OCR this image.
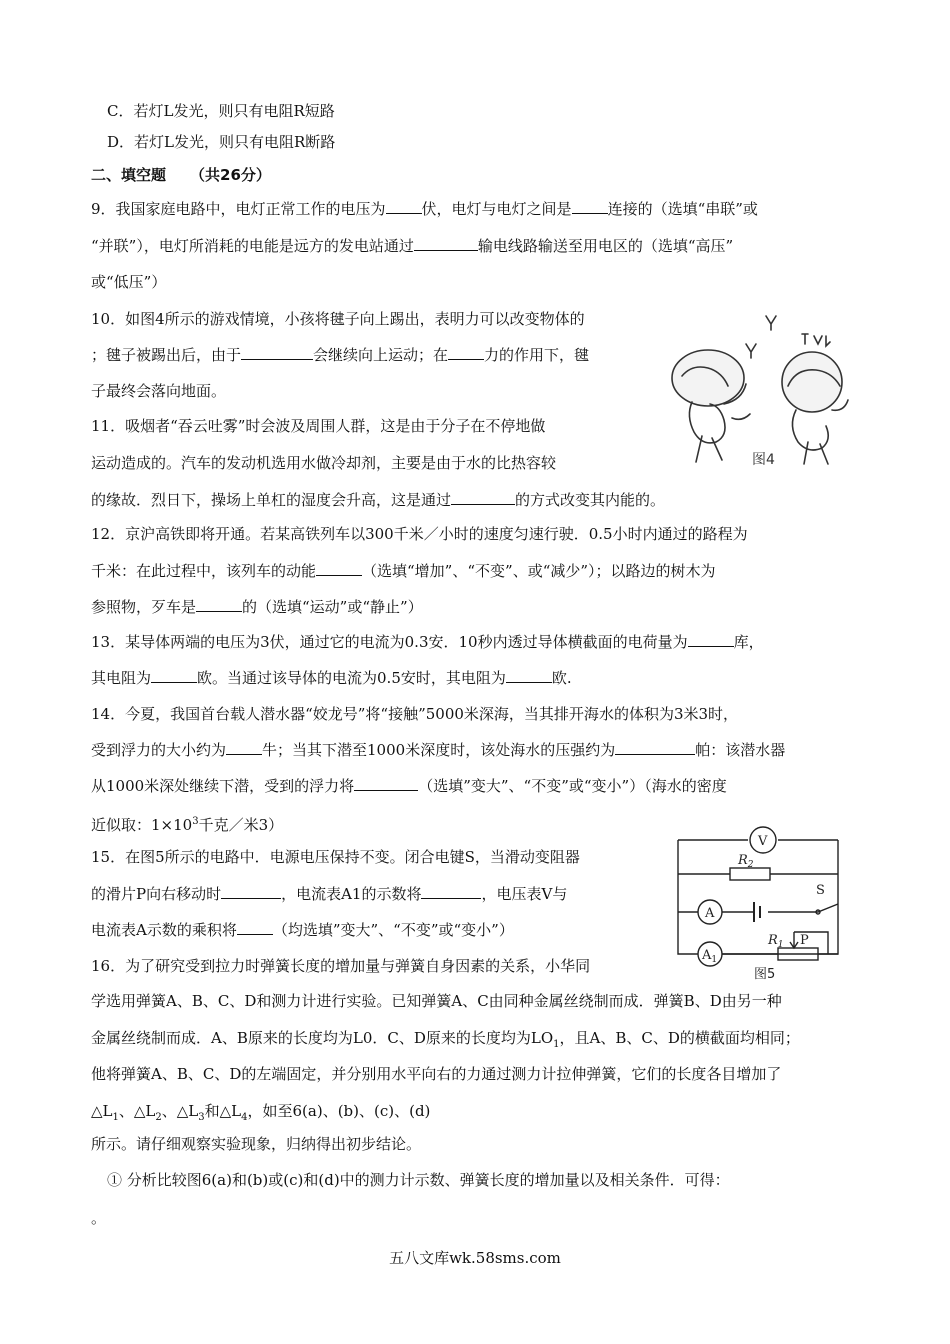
C．若灯L发光，则只有电阻R短路
D．若灯L发光，则只有电阻R断路
二、填空题 （共26分）
9．我国家庭电路中，电灯正常工作的电压为 伏，电灯与电灯之间是 连接的（选填“串联”或
“并联”），电灯所消耗的电能是远方的发电站通过	输电线路输送至用电区的（选填“高压”
或“低压”）
10．如图4所示的游戏情境，小孩将毽子向上踢出，表明力可以改变物体的
；毽子被踢出后，由于	会继续向上运动；在 力的作用下，毽
子最终会落向地面。
11．吸烟者“吞云吐雾”时会波及周围人群，这是由于分子在不停地做
运动造成的。汽车的发动机选用水做冷却剂，主要是由于水的比热容较
的缘故．烈日下，操场上单杠的湿度会升高，这是通过	的方式改变其内能的。
12．京沪高铁即将开通。若某高铁列车以300千米／小时的速度匀速行驶．0.5小时内通过的路程为
千米：在此过程中，该列车的动能	（选填“增加”、“不变”、或“减少”）；以路边的树木为
参照物，歹车是	的（选填“运动”或“静止”）
13．某导体两端的电压为3伏，通过它的电流为0.3安．10秒内透过导体横截面的电荷量为	库，
其电阻为	欧。当通过该导体的电流为0.5安时，其电阻为	欧.
14．今夏，我国首台载人潜水器“姣龙号”将“接触”5000米深海，当其排开海水的体积为3米3时，
受到浮力的大小约为 牛；当其下潜至1000米深度时，该处海水的压强约为	帕：该潜水器
从1000米深处继续下潜，受到的浮力将	（选填”变大”、“不变”或“变小”）（海水的密度
近似取：$1\times 10^3$千克／米3）
15．在图5所示的电路中．电源电压保持不变。闭合电键S，当滑动变阻器
的滑片P向右移动时	，电流表A1的示数将	，电压表V与
电流表A示数的乘积将 （均选填”变大”、“不变”或“变小”）
16．为了研究受到拉力时弹簧长度的增加量与弹簧自身因素的关系，小华同
学选用弹簧A、B、C、D和测力计进行实验。已知弹簧A、C由同种金属丝绕制而成．弹簧B、D由另一种
金属丝绕制而成．A、B原来的长度均为L0．C、D原来的长度均为$LO_1$，且A、B、C、D的横截面均相同；
他将弹簧A、B、C、D的左端固定，并分别用水平向右的力通过测力计拉伸弹簧，它们的长度各目增加了
$\triangle L_1$、$\triangle L_2$、$\triangle L_3$和$\triangle L_4$，如至6(a)、(b)、(c)、(d)
所示。请仔细观察实验现象，归纳得出初步结论。
① 分析比较图6(a)和(b)或(c)和(d)中的测力计示数、弹簧长度的增加量以及相关条件．可得：
。
图4
V
$R_2$
A
S
$A_1$
$R_1$ P
图5
五八文库wk.58sms.com
